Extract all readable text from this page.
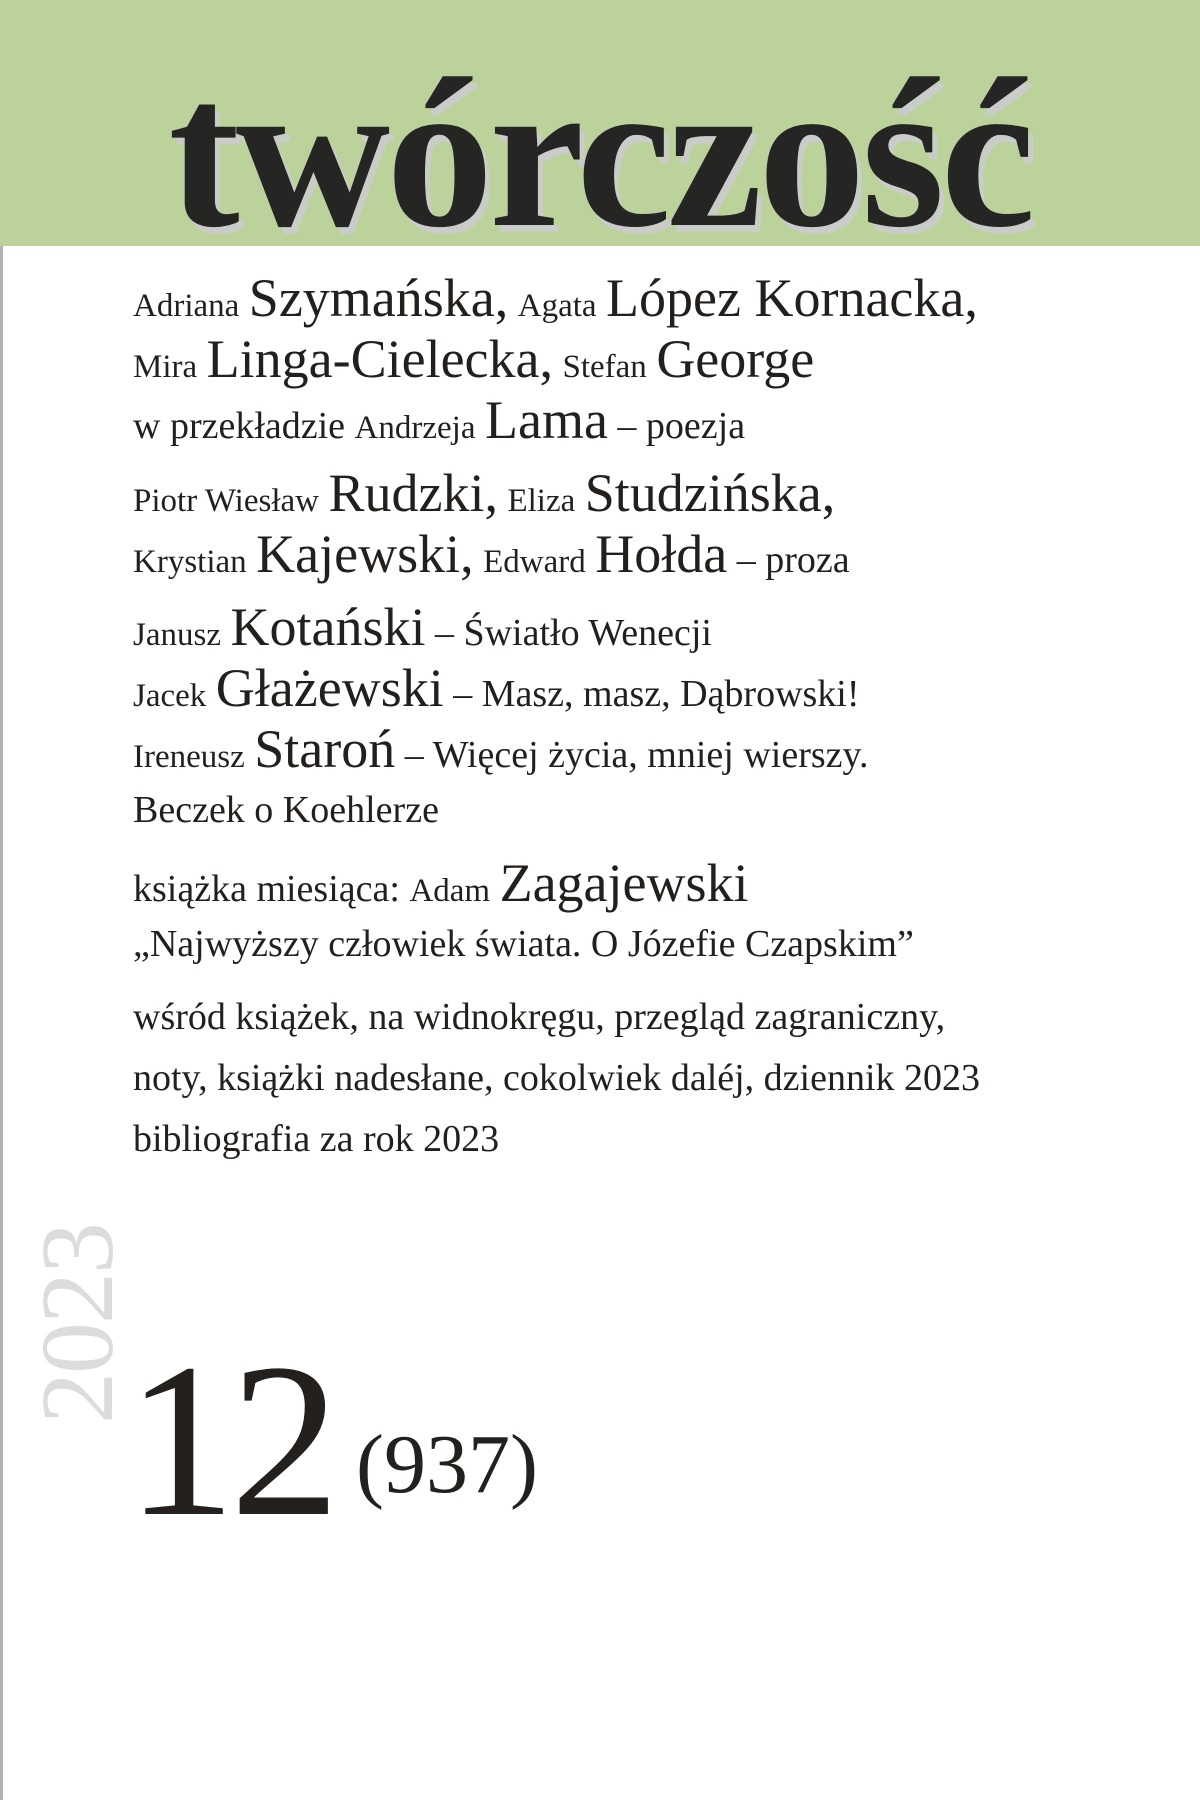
twórczość
Adriana Szymańska, Agata López Kornacka,
Mira Linga-Cielecka, Stefan George
w przekładzie Andrzeja Lama – poezja
Piotr Wiesław Rudzki, Eliza Studzińska,
Krystian Kajewski, Edward Hołda – proza
Janusz Kotański – Światło Wenecji
Jacek Głażewski – Masz, masz, Dąbrowski!
Ireneusz Staroń – Więcej życia, mniej wierszy.
Beczek o Koehlerze
książka miesiąca: Adam Zagajewski
„Najwyższy człowiek świata. O Józefie Czapskim”
wśród książek, na widnokręgu, przegląd zagraniczny,
noty, książki nadesłane, cokolwiek daléj, dziennik 2023
bibliografia za rok 2023
2023
12 (937)
